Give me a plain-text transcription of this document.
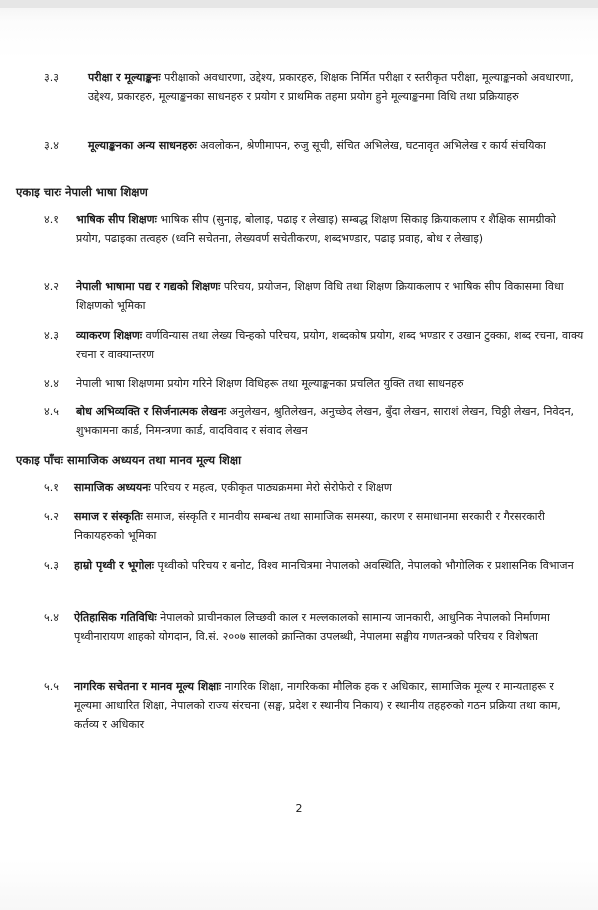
३.३	परीक्षा र मूल्याङ्कनः परीक्षाको अवधारणा, उद्देश्य, प्रकारहरु, शिक्षक निर्मित परीक्षा र स्तरीकृत परीक्षा, मूल्याङ्कनको अवधारणा, उद्देश्य, प्रकारहरु, मूल्याङ्कनका साधनहरु र प्रयोग र प्राथमिक तहमा प्रयोग हुने मूल्याङ्कनमा विधि तथा प्रक्रियाहरु
३.४	मूल्याङ्कनका अन्य साधनहरुः अवलोकन, श्रेणीमापन, रुजु सूची, संचित अभिलेख, घटनावृत अभिलेख र कार्य संचयिका
एकाइ चारः नेपाली भाषा शिक्षण
४.१ भाषिक सीप शिक्षणः भाषिक सीप (सुनाइ, बोलाइ, पढाइ र लेखाइ) सम्बद्ध शिक्षण सिकाइ क्रियाकलाप र शैक्षिक सामग्रीको प्रयोग, पढाइका तत्वहरु (ध्वनि सचेतना, लेख्यवर्ण सचेतीकरण, शब्दभण्डार, पढाइ प्रवाह, बोध र लेखाइ)
४.२ नेपाली भाषामा पद्य र गद्यको शिक्षणः परिचय, प्रयोजन, शिक्षण विधि तथा शिक्षण क्रियाकलाप र भाषिक सीप विकासमा विधा शिक्षणको भूमिका
४.३ व्याकरण शिक्षणः वर्णविन्यास तथा लेख्य चिन्हको परिचय, प्रयोग, शब्दकोष प्रयोग, शब्द भण्डार र उखान टुक्का, शब्द रचना, वाक्य रचना र वाक्यान्तरण
४.४ नेपाली भाषा शिक्षणमा प्रयोग गरिने शिक्षण विधिहरू तथा मूल्याङ्कनका प्रचलित युक्ति तथा साधनहरु
४.५ बोध अभिव्यक्ति र सिर्जनात्मक लेखनः अनुलेखन, श्रुतिलेखन, अनुच्छेद लेखन, बुँदा लेखन, साराशं लेखन, चिठ्ठी लेखन, निवेदन, शुभकामना कार्ड, निमन्त्रणा कार्ड, वादविवाद र संवाद लेखन
एकाइ पाँचः सामाजिक अध्ययन तथा मानव मूल्य शिक्षा
५.१ सामाजिक अध्ययनः परिचय र महत्व, एकीकृत पाठ्यक्रममा मेरो सेरोफेरो र शिक्षण
५.२ समाज र संस्कृतिः समाज, संस्कृति र मानवीय सम्बन्ध तथा सामाजिक समस्या, कारण र समाधानमा सरकारी र गैरसरकारी निकायहरुको भूमिका
५.३ हाम्रो पृथ्वी र भूगोलः पृथ्वीको परिचय र बनोट, विश्व मानचित्रमा नेपालको अवस्थिति, नेपालको भौगोलिक र प्रशासनिक विभाजन
५.४ ऐतिहासिक गतिविधिः नेपालको प्राचीनकाल लिच्छवी काल र मल्लकालको सामान्य जानकारी, आधुनिक नेपालको निर्माणमा पृथ्वीनारायण शाहको योगदान, वि.सं. २००७ सालको क्रान्तिका उपलब्धी, नेपालमा सङ्घीय गणतन्त्रको परिचय र विशेषता
५.५ नागरिक सचेतना र मानव मूल्य शिक्षाः नागरिक शिक्षा, नागरिकका मौलिक हक र अधिकार, सामाजिक मूल्य र मान्यताहरू र मूल्यमा आधारित शिक्षा, नेपालको राज्य संरचना (सङ्घ, प्रदेश र स्थानीय निकाय) र स्थानीय तहहरुको गठन प्रक्रिया तथा काम, कर्तव्य र अधिकार
2
